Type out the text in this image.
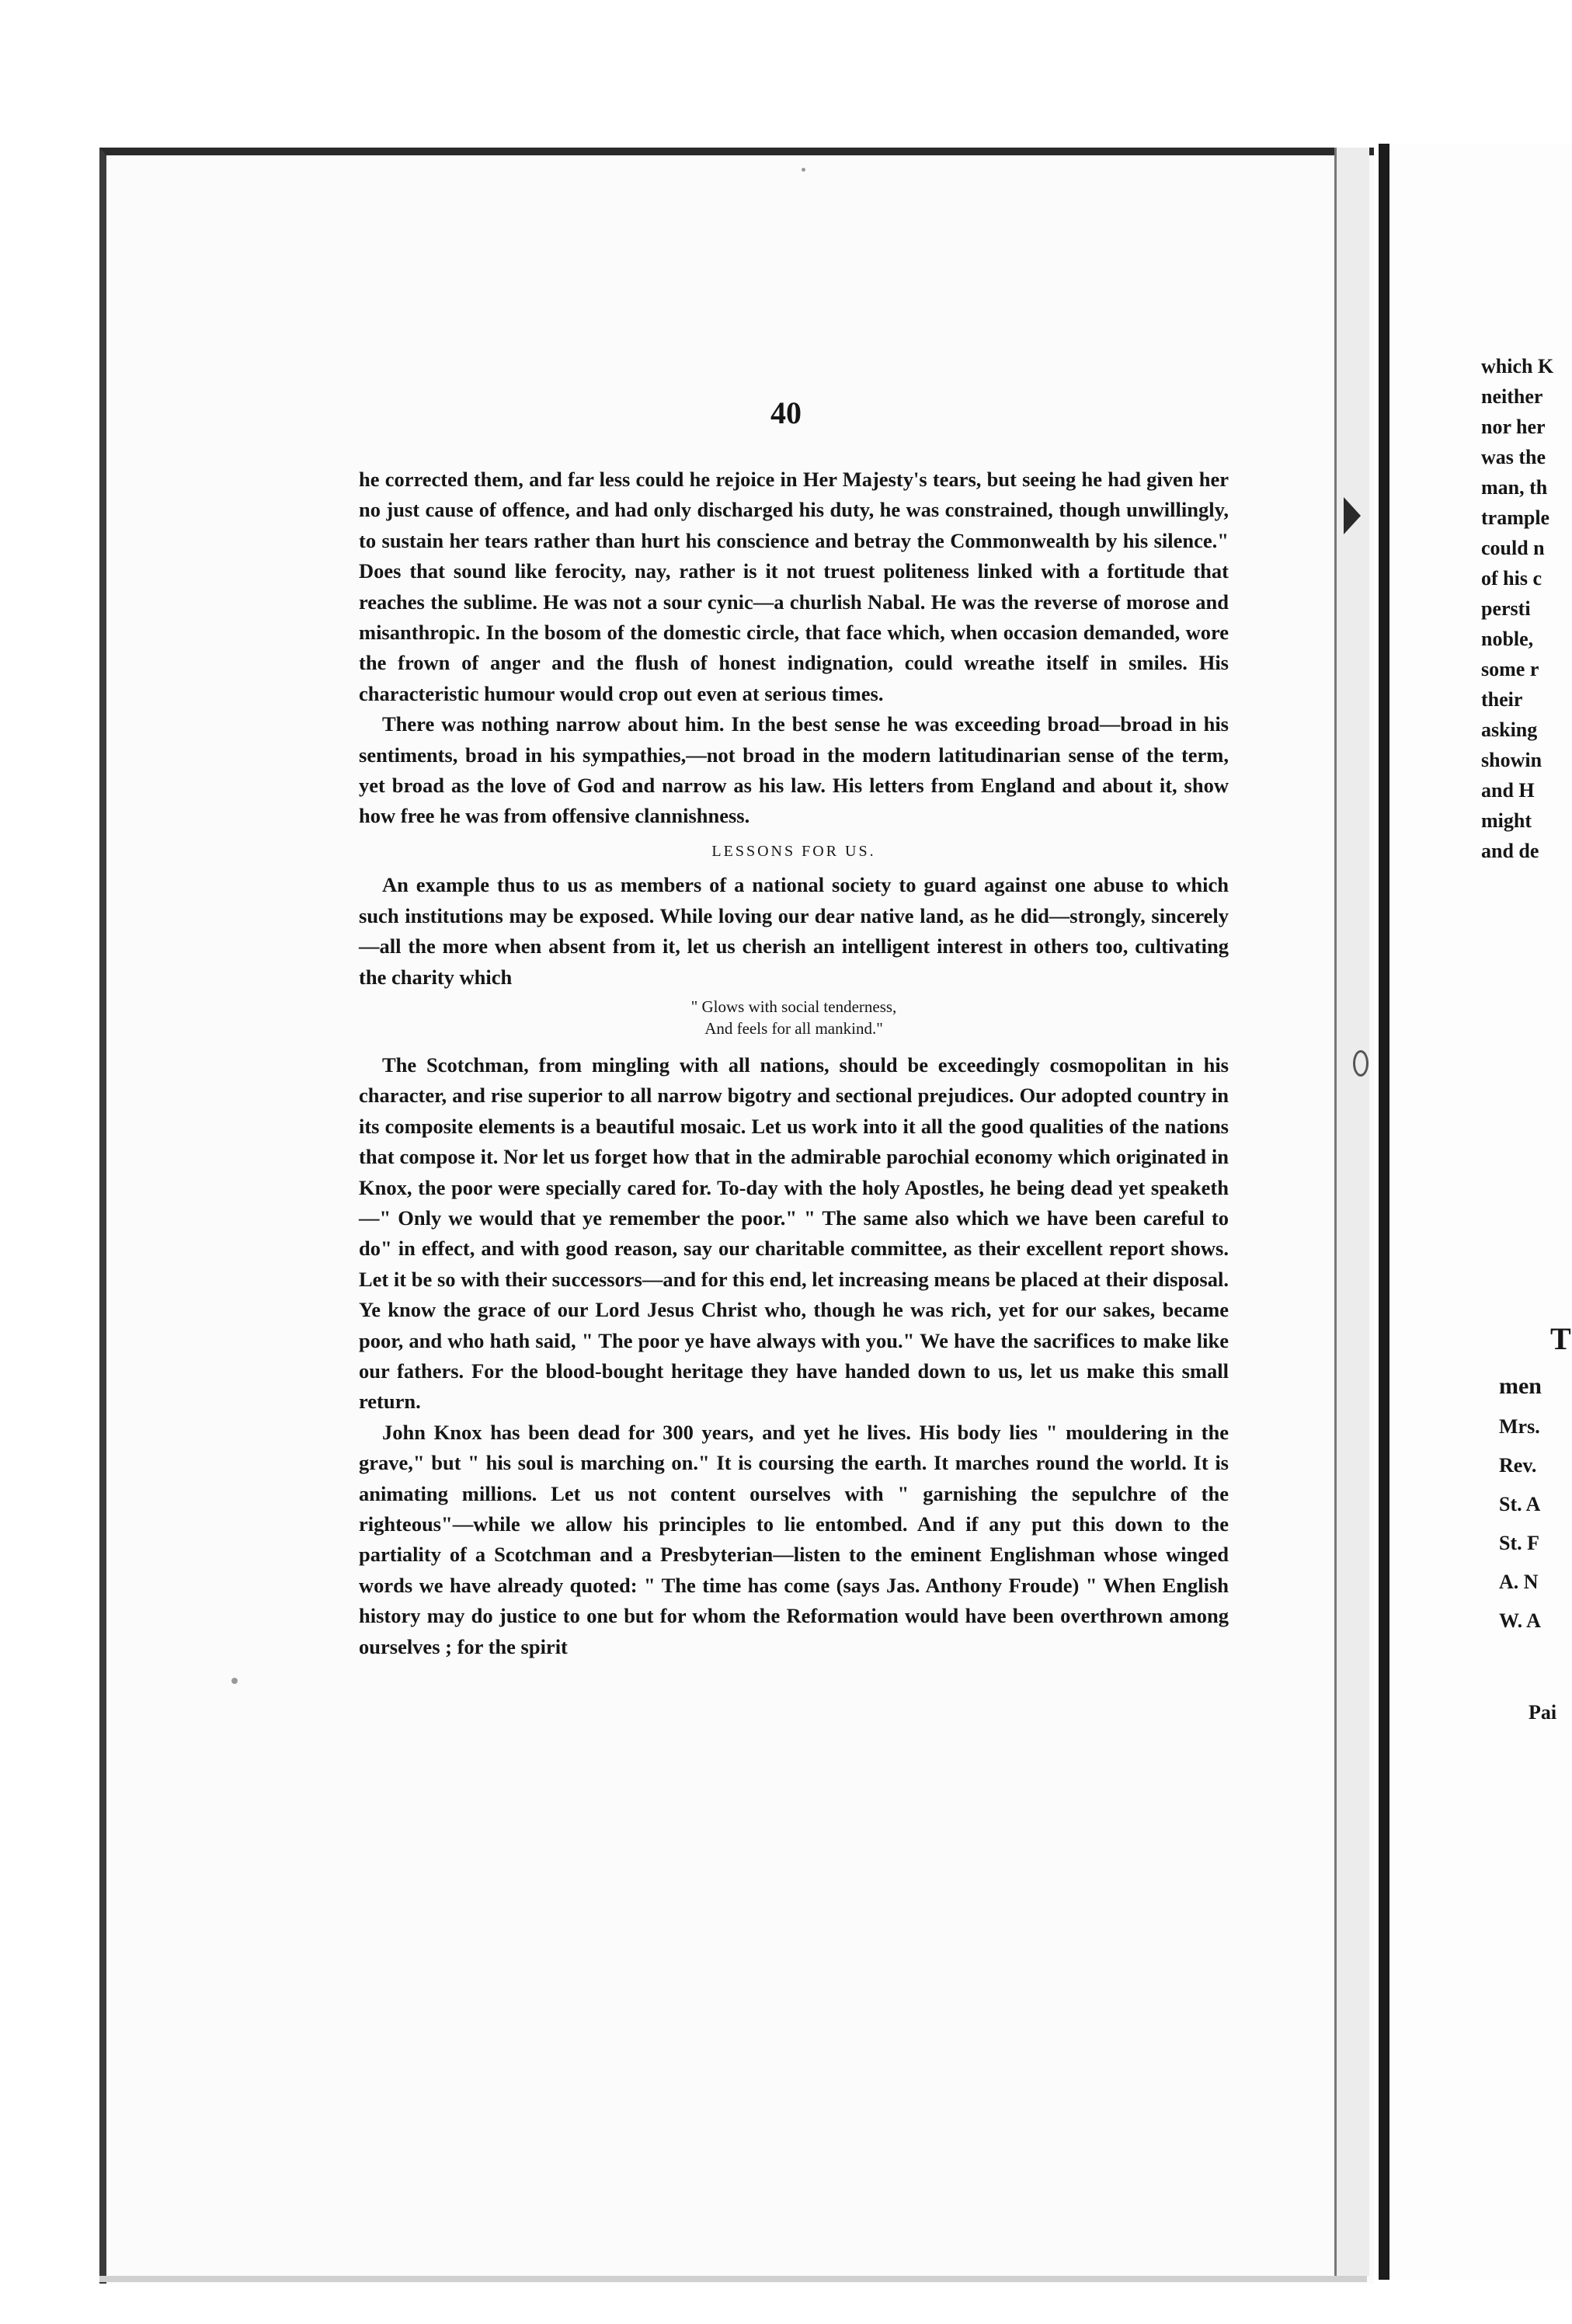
40

he corrected them, and far less could he rejoice in Her Majesty's tears, but seeing he had given her no just cause of offence, and had only discharged his duty, he was constrained, though unwillingly, to sustain her tears rather than hurt his conscience and betray the Commonwealth by his silence." Does that sound like ferocity, nay, rather is it not truest politeness linked with a fortitude that reaches the sublime. He was not a sour cynic—a churlish Nabal. He was the reverse of morose and misanthropic. In the bosom of the domestic circle, that face which, when occasion demanded, wore the frown of anger and the flush of honest indignation, could wreathe itself in smiles. His characteristic humour would crop out even at serious times.

There was nothing narrow about him. In the best sense he was exceeding broad—broad in his sentiments, broad in his sympathies,—not broad in the modern latitudinarian sense of the term, yet broad as the love of God and narrow as his law. His letters from England and about it, show how free he was from offensive clannishness.

LESSONS FOR US.

An example thus to us as members of a national society to guard against one abuse to which such institutions may be exposed. While loving our dear native land, as he did—strongly, sincerely—all the more when absent from it, let us cherish an intelligent interest in others too, cultivating the charity which

" Glows with social tenderness,
And feels for all mankind."

The Scotchman, from mingling with all nations, should be exceedingly cosmopolitan in his character, and rise superior to all narrow bigotry and sectional prejudices. Our adopted country in its composite elements is a beautiful mosaic. Let us work into it all the good qualities of the nations that compose it. Nor let us forget how that in the admirable parochial economy which originated in Knox, the poor were specially cared for. To-day with the holy Apostles, he being dead yet speaketh—" Only we would that ye remember the poor." " The same also which we have been careful to do" in effect, and with good reason, say our charitable committee, as their excellent report shows. Let it be so with their successors—and for this end, let increasing means be placed at their disposal. Ye know the grace of our Lord Jesus Christ who, though he was rich, yet for our sakes, became poor, and who hath said, " The poor ye have always with you." We have the sacrifices to make like our fathers. For the blood-bought heritage they have handed down to us, let us make this small return.

John Knox has been dead for 300 years, and yet he lives. His body lies " mouldering in the grave," but " his soul is marching on." It is coursing the earth. It marches round the world. It is animating millions. Let us not content ourselves with " garnishing the sepulchre of the righteous"—while we allow his principles to lie entombed. And if any put this down to the partiality of a Scotchman and a Presbyterian—listen to the eminent Englishman whose winged words we have already quoted: " The time has come (says Jas. Anthony Froude) " When English history may do justice to one but for whom the Reformation would have been overthrown among ourselves ; for the spirit

which K
neither
nor her
was the
man, th
trample
could n
of his c
persti
noble,
some r
their
asking
showin
and H
might
and de
T
men
Mrs.
Rev.
St. A
St. F
A. N
W. A
Pai
